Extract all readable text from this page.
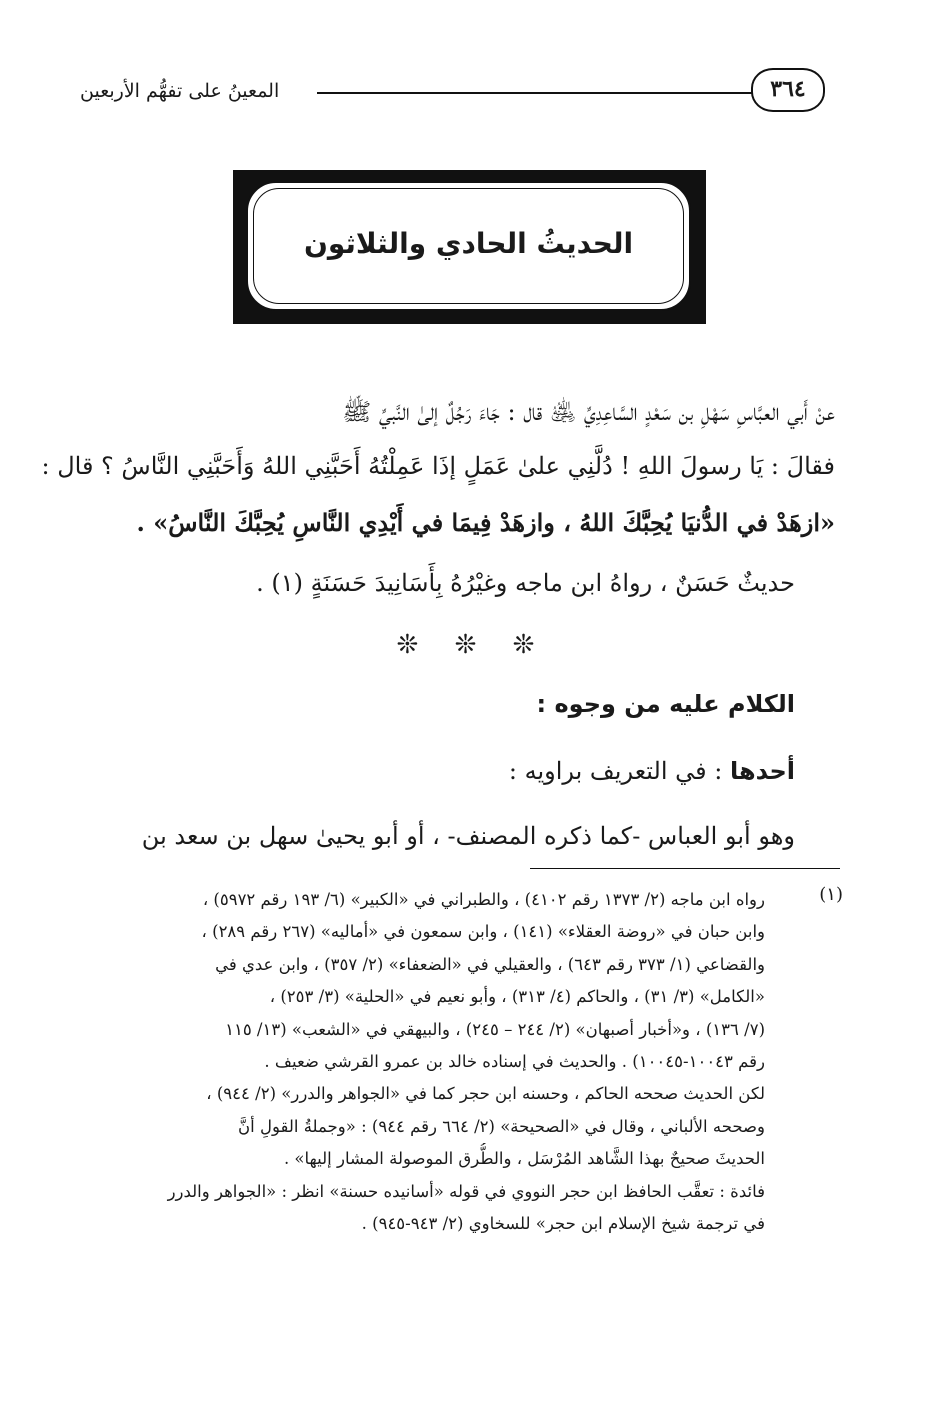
المعينُ على تفهُّم الأربعين	٣٦٤
الحديثُ الحادي والثلاثون
عنْ أَبي العبَّاسِ سَهْلِ بن سَعْدٍ السَّاعِدِيِّ ﵁ قال : جَاءَ رَجُلٌ إلىٰ النَّبيِّ ﷺ
فقالَ : يَا رسولَ اللهِ ! دُلَّنِي علىٰ عَمَلٍ إذَا عَمِلْتُهُ أَحَبَّنِي اللهُ وَأَحَبَّنِي النَّاسُ ؟ قال :
«ازهَدْ في الدُّنيَا يُحِبَّكَ اللهُ ، وازهَدْ فِيمَا في أَيْدِي النَّاسِ يُحِبَّكَ النَّاسُ» .
حديثٌ حَسَنٌ ، رواهُ ابن ماجه وغيْرُهُ بِأَسَانِيدَ حَسَنَةٍ (١) .
❊ ❊ ❊
الكلام عليه من وجوه :
أحدها : في التعريف براويه :
وهو أبو العباس -كما ذكره المصنف- ، أو أبو يحيىٰ سهل بن سعد بن
(١)
رواه ابن ماجه (٢/ ١٣٧٣ رقم ٤١٠٢) ، والطبراني في «الكبير» (٦/ ١٩٣ رقم ٥٩٧٢) ،
وابن حبان في «روضة العقلاء» (١٤١) ، وابن سمعون في «أماليه» (٢٦٧ رقم ٢٨٩) ،
والقضاعي (١/ ٣٧٣ رقم ٦٤٣) ، والعقيلي في «الضعفاء» (٢/ ٣٥٧) ، وابن عدي في
«الكامل» (٣/ ٣١) ، والحاكم (٤/ ٣١٣) ، وأبو نعيم في «الحلية» (٣/ ٢٥٣) ،
(٧/ ١٣٦) ، و«أخبار أصبهان» (٢/ ٢٤٤ – ٢٤٥) ، والبيهقي في «الشعب» (١٣/ ١١٥
رقم ١٠٠٤٣-١٠٠٤٥) . والحديث في إسناده خالد بن عمرو القرشي ضعيف .
لكن الحديث صححه الحاكم ، وحسنه ابن حجر كما في «الجواهر والدرر» (٢/ ٩٤٤) ،
وصححه الألباني ، وقال في «الصحيحة» (٢/ ٦٦٤ رقم ٩٤٤) : «وجملةُ القولِ أنَّ
الحديثَ صحيحٌ بهذا الشَّاهد المُرْسَل ، والطُّرق الموصولة المشار إليها» .
فائدة : تعقَّب الحافظ ابن حجر النووي في قوله «أسانيده حسنة» انظر : «الجواهر والدرر
في ترجمة شيخ الإسلام ابن حجر» للسخاوي (٢/ ٩٤٣-٩٤٥) .
